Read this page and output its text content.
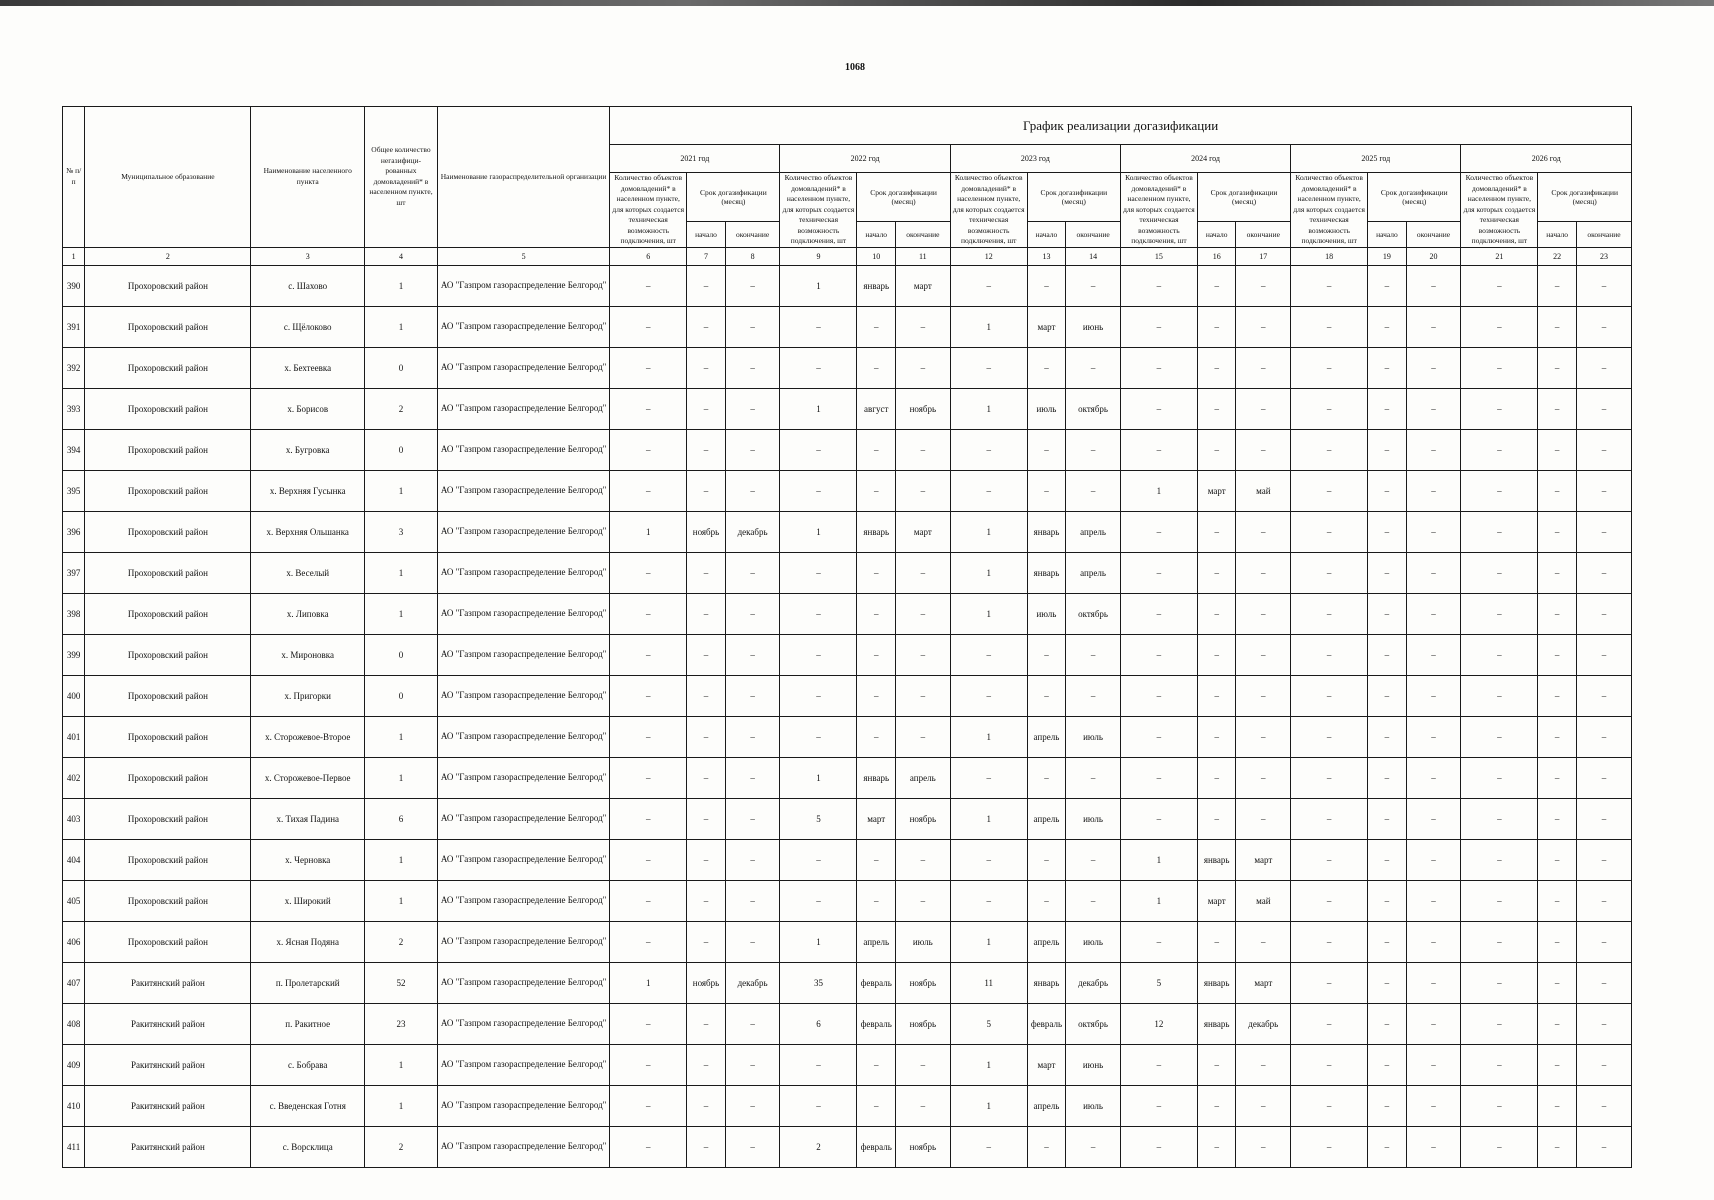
1068
№ п/п	Муниципальное образование	Наименование населенного пункта	Общее количество негазифици-рованных домовладений* в населенном пункте, шт	Наименование газораспределительной организации	График реализации догазификации																	
					2021 год			2022 год			2023 год			2024 год			2025 год			2026 год		
					Количество объектов домовладений* в населенном пункте, для которых создается техническая возможность подключения, шт	Срок догазификации (месяц)		Количество объектов домовладений* в населенном пункте, для которых создается техническая возможность подключения, шт	Срок догазификации (месяц)		Количество объектов домовладений* в населенном пункте, для которых создается техническая возможность подключения, шт	Срок догазификации (месяц)		Количество объектов домовладений* в населенном пункте, для которых создается техническая возможность подключения, шт	Срок догазификации (месяц)		Количество объектов домовладений* в населенном пункте, для которых создается техническая возможность подключения, шт	Срок догазификации (месяц)		Количество объектов домовладений* в населенном пункте, для которых создается техническая возможность подключения, шт	Срок догазификации (месяц)	
						начало	окончание		начало	окончание		начало	окончание		начало	окончание		начало	окончание		начало	окончание
1	2	3	4	5	6	7	8	9	10	11	12	13	14	15	16	17	18	19	20	21	22	23
390	Прохоровский район	с. Шахово	1	АО "Газпром газораспределение Белгород"	–	–	–	1	январь	март	–	–	–	–	–	–	–	–	–	–	–	–
391	Прохоровский район	с. Щёлоково	1	АО "Газпром газораспределение Белгород"	–	–	–	–	–	–	1	март	июнь	–	–	–	–	–	–	–	–	–
392	Прохоровский район	х. Бехтеевка	0	АО "Газпром газораспределение Белгород"	–	–	–	–	–	–	–	–	–	–	–	–	–	–	–	–	–	–
393	Прохоровский район	х. Борисов	2	АО "Газпром газораспределение Белгород"	–	–	–	1	август	ноябрь	1	июль	октябрь	–	–	–	–	–	–	–	–	–
394	Прохоровский район	х. Бугровка	0	АО "Газпром газораспределение Белгород"	–	–	–	–	–	–	–	–	–	–	–	–	–	–	–	–	–	–
395	Прохоровский район	х. Верхняя Гусынка	1	АО "Газпром газораспределение Белгород"	–	–	–	–	–	–	–	–	–	1	март	май	–	–	–	–	–	–
396	Прохоровский район	х. Верхняя Ольшанка	3	АО "Газпром газораспределение Белгород"	1	ноябрь	декабрь	1	январь	март	1	январь	апрель	–	–	–	–	–	–	–	–	–
397	Прохоровский район	х. Веселый	1	АО "Газпром газораспределение Белгород"	–	–	–	–	–	–	1	январь	апрель	–	–	–	–	–	–	–	–	–
398	Прохоровский район	х. Липовка	1	АО "Газпром газораспределение Белгород"	–	–	–	–	–	–	1	июль	октябрь	–	–	–	–	–	–	–	–	–
399	Прохоровский район	х. Мироновка	0	АО "Газпром газораспределение Белгород"	–	–	–	–	–	–	–	–	–	–	–	–	–	–	–	–	–	–
400	Прохоровский район	х. Пригорки	0	АО "Газпром газораспределение Белгород"	–	–	–	–	–	–	–	–	–	–	–	–	–	–	–	–	–	–
401	Прохоровский район	х. Сторожевое-Второе	1	АО "Газпром газораспределение Белгород"	–	–	–	–	–	–	1	апрель	июль	–	–	–	–	–	–	–	–	–
402	Прохоровский район	х. Сторожевое-Первое	1	АО "Газпром газораспределение Белгород"	–	–	–	1	январь	апрель	–	–	–	–	–	–	–	–	–	–	–	–
403	Прохоровский район	х. Тихая Падина	6	АО "Газпром газораспределение Белгород"	–	–	–	5	март	ноябрь	1	апрель	июль	–	–	–	–	–	–	–	–	–
404	Прохоровский район	х. Черновка	1	АО "Газпром газораспределение Белгород"	–	–	–	–	–	–	–	–	–	1	январь	март	–	–	–	–	–	–
405	Прохоровский район	х. Широкий	1	АО "Газпром газораспределение Белгород"	–	–	–	–	–	–	–	–	–	1	март	май	–	–	–	–	–	–
406	Прохоровский район	х. Ясная Подяна	2	АО "Газпром газораспределение Белгород"	–	–	–	1	апрель	июль	1	апрель	июль	–	–	–	–	–	–	–	–	–
407	Ракитянский район	п. Пролетарский	52	АО "Газпром газораспределение Белгород"	1	ноябрь	декабрь	35	февраль	ноябрь	11	январь	декабрь	5	январь	март	–	–	–	–	–	–
408	Ракитянский район	п. Ракитное	23	АО "Газпром газораспределение Белгород"	–	–	–	6	февраль	ноябрь	5	февраль	октябрь	12	январь	декабрь	–	–	–	–	–	–
409	Ракитянский район	с. Бобрава	1	АО "Газпром газораспределение Белгород"	–	–	–	–	–	–	1	март	июнь	–	–	–	–	–	–	–	–	–
410	Ракитянский район	с. Введенская Готня	1	АО "Газпром газораспределение Белгород"	–	–	–	–	–	–	1	апрель	июль	–	–	–	–	–	–	–	–	–
411	Ракитянский район	с. Ворсклица	2	АО "Газпром газораспределение Белгород"	–	–	–	2	февраль	ноябрь	–	–	–	–	–	–	–	–	–	–	–	–
